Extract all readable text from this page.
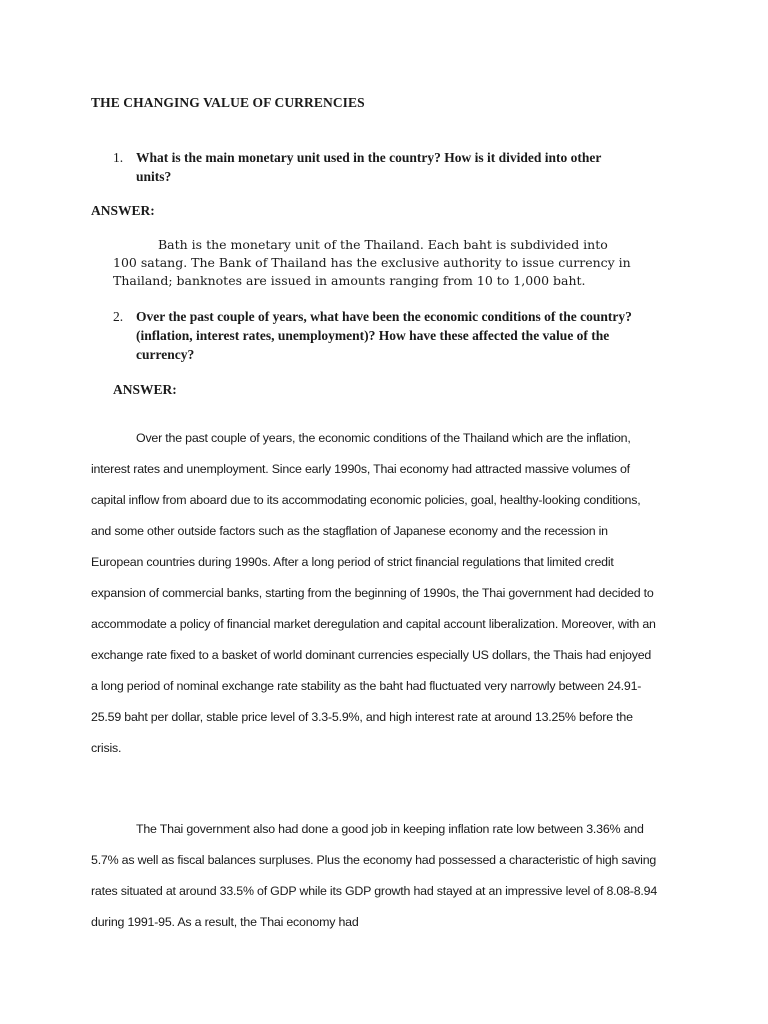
THE CHANGING VALUE OF CURRENCIES
1. What is the main monetary unit used in the country? How is it divided into other units?
ANSWER:

Bath is the monetary unit of the Thailand. Each baht is subdivided into 100 satang. The Bank of Thailand has the exclusive authority to issue currency in Thailand; banknotes are issued in amounts ranging from 10 to 1,000 baht.

2. Over the past couple of years, what have been the economic conditions of the country? (inflation, interest rates, unemployment)? How have these affected the value of the currency?
ANSWER:

Over the past couple of years, the economic conditions of the Thailand which are the inflation, interest rates and unemployment. Since early 1990s, Thai economy had attracted massive volumes of capital inflow from aboard due to its accommodating economic policies, goal, healthy-looking conditions, and some other outside factors such as the stagflation of Japanese economy and the recession in European countries during 1990s. After a long period of strict financial regulations that limited credit expansion of commercial banks, starting from the beginning of 1990s, the Thai government had decided to accommodate a policy of financial market deregulation and capital account liberalization. Moreover, with an exchange rate fixed to a basket of world dominant currencies especially US dollars, the Thais had enjoyed a long period of nominal exchange rate stability as the baht had fluctuated very narrowly between 24.91-25.59 baht per dollar, stable price level of 3.3-5.9%, and high interest rate at around 13.25% before the crisis.

The Thai government also had done a good job in keeping inflation rate low between 3.36% and 5.7% as well as fiscal balances surpluses. Plus the economy had possessed a characteristic of high saving rates situated at around 33.5% of GDP while its GDP growth had stayed at an impressive level of 8.08-8.94 during 1991-95. As a result, the Thai economy had
